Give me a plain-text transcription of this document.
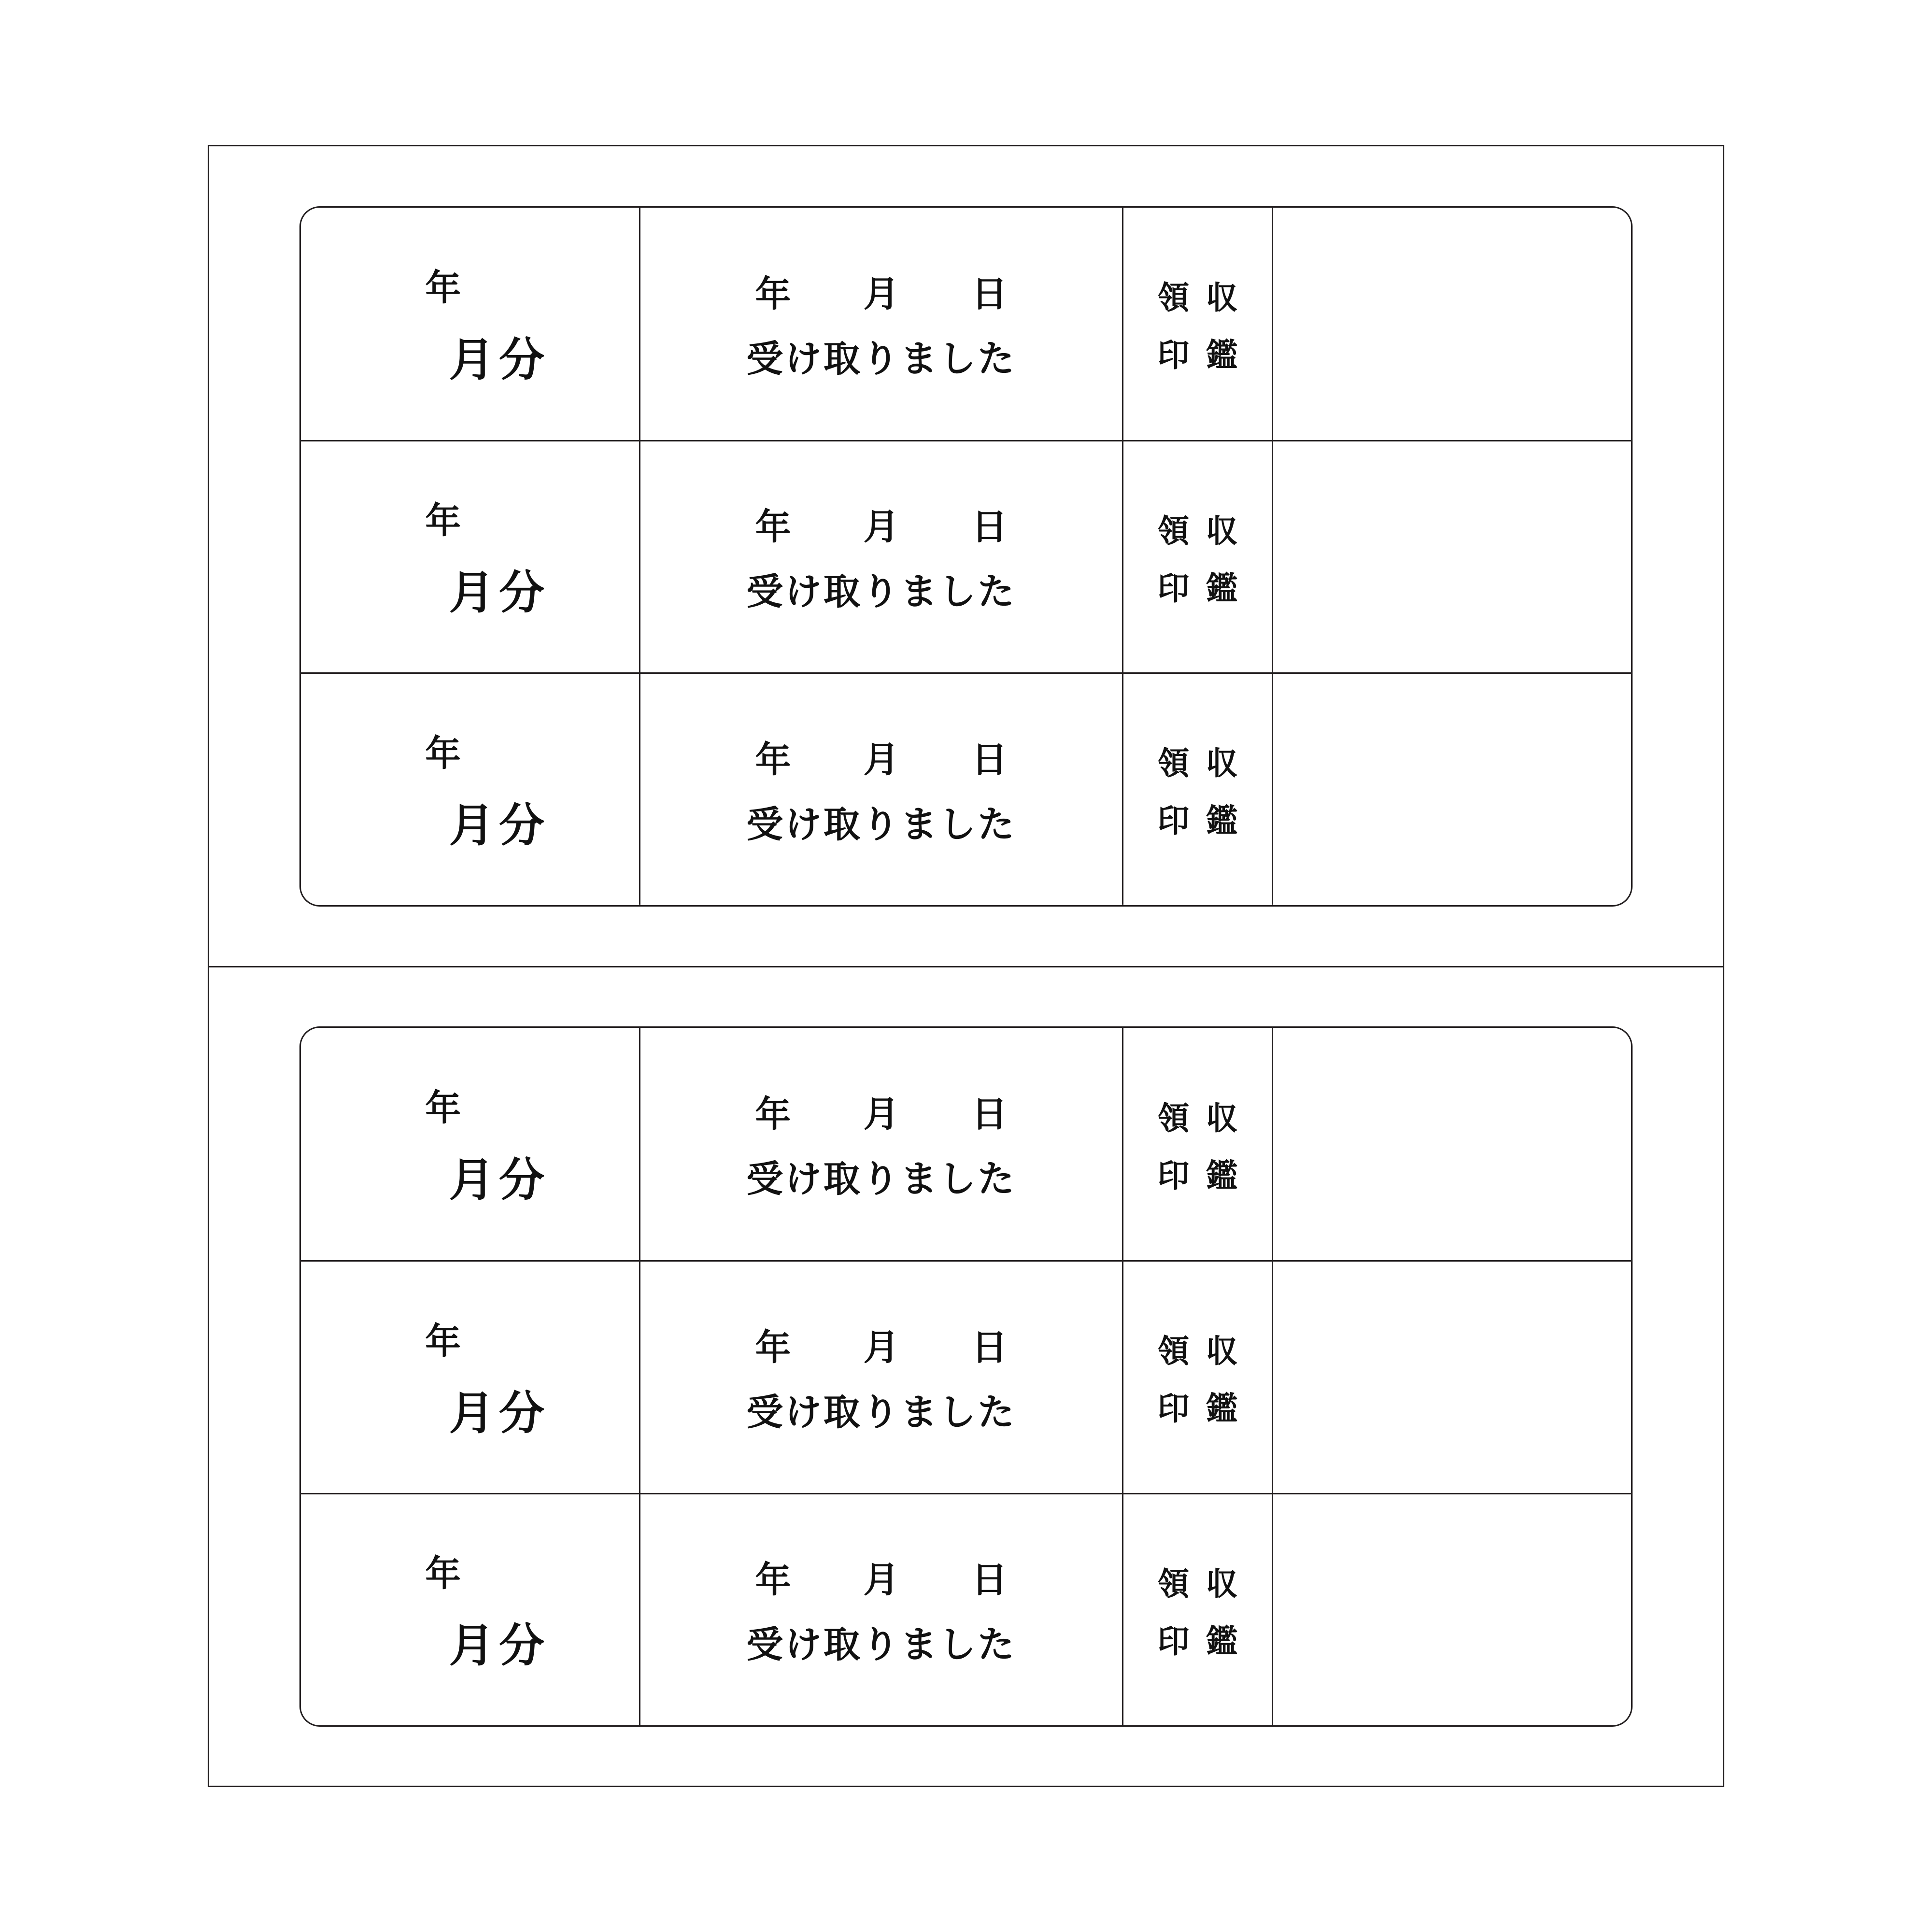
年
月分
年 月 日
受け取りました
領 収
印 鑑
年
月分
年 月 日
受け取りました
領 収
印 鑑
年
月分
年 月 日
受け取りました
領 収
印 鑑
年
月分
年 月 日
受け取りました
領 収
印 鑑
年
月分
年 月 日
受け取りました
領 収
印 鑑
年
月分
年 月 日
受け取りました
領 収
印 鑑
